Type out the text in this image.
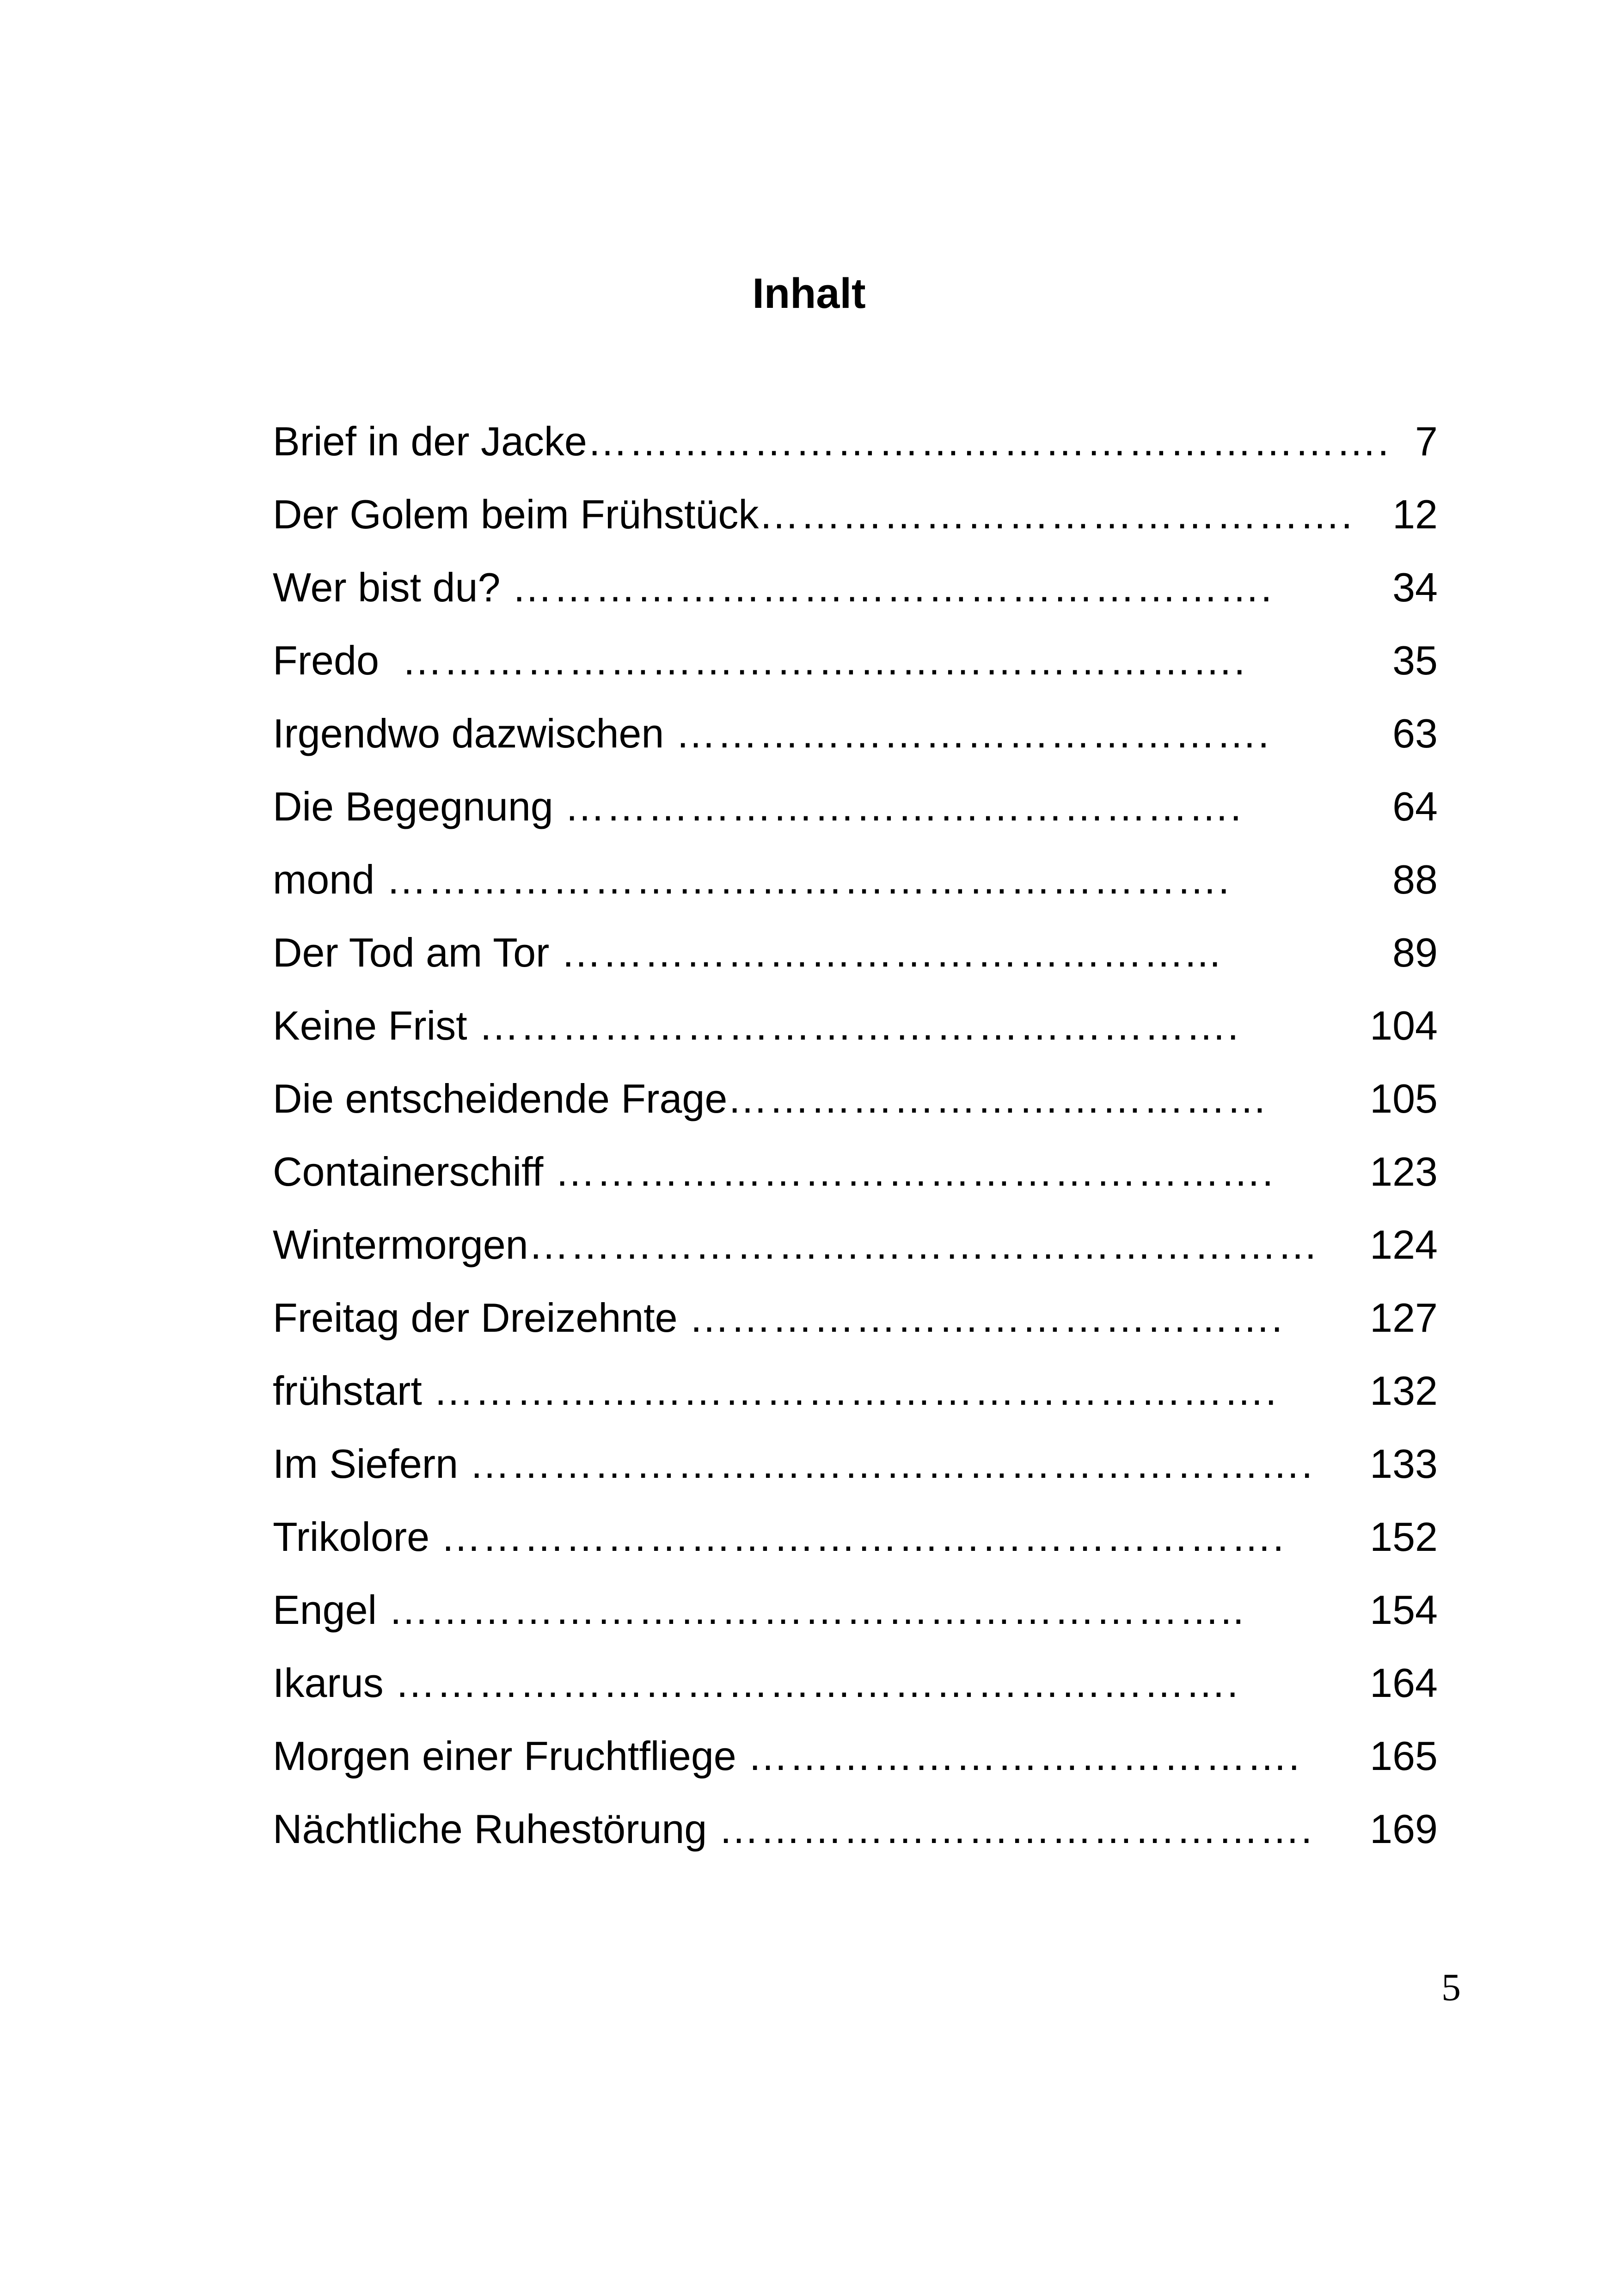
Inhalt
Brief in der Jacke …………………………………………………. 7
Der Golem beim Frühstück ……………………………………. 12
Wer bist du? ……………………………………………….	34
Fredo …………………………………………………….	35
Irgendwo dazwischen …………………………………….	63
Die Begegnung ………………………………………….	64
mond …………………………………………………….	88
Der Tod am Tor ………………………………………...	89
Keine Frist ……………………………………………….	104
Die entscheidende Frage …………………………………	105
Containerschiff …………………………………………….	123
Wintermorgen …………………………………………………	124
Freitag der Dreizehnte …………………………………….	127
frühstart …………………………………………………….	132
Im Siefern …………………………………………………….	133
Trikolore …………………………………………………….	152
Engel ……………………………………………………..	154
Ikarus …………………………………………………….	164
Morgen einer Fruchtfliege ………………………………….	165
Nächtliche Ruhestörung …………………………………….	169
5
